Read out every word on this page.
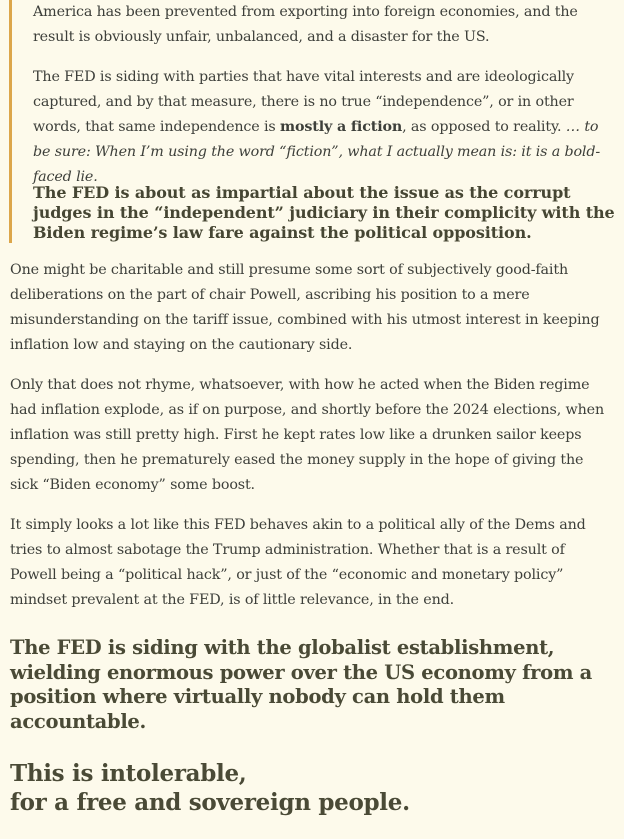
America has been prevented from exporting into foreign economies, and the result is obviously unfair, unbalanced, and a disaster for the US.

The FED is siding with parties that have vital interests and are ideologically captured, and by that measure, there is no true “independence”, or in other words, that same independence is mostly a fiction, as opposed to reality. … to be sure: When I’m using the word “fiction”, what I actually mean is: it is a bold-faced lie.

The FED is about as impartial about the issue as the corrupt judges in the “independent” judiciary in their complicity with the Biden regime’s law fare against the political opposition.

One might be charitable and still presume some sort of subjectively good-faith deliberations on the part of chair Powell, ascribing his position to a mere misunderstanding on the tariff issue, combined with his utmost interest in keeping inflation low and staying on the cautionary side.

Only that does not rhyme, whatsoever, with how he acted when the Biden regime had inflation explode, as if on purpose, and shortly before the 2024 elections, when inflation was still pretty high. First he kept rates low like a drunken sailor keeps spending, then he prematurely eased the money supply in the hope of giving the sick “Biden economy” some boost.

It simply looks a lot like this FED behaves akin to a political ally of the Dems and tries to almost sabotage the Trump administration. Whether that is a result of Powell being a “political hack”, or just of the “economic and monetary policy” mindset prevalent at the FED, is of little relevance, in the end.

The FED is siding with the globalist establishment, wielding enormous power over the US economy from a position where virtually nobody can hold them accountable.
This is intolerable,
for a free and sovereign people.
